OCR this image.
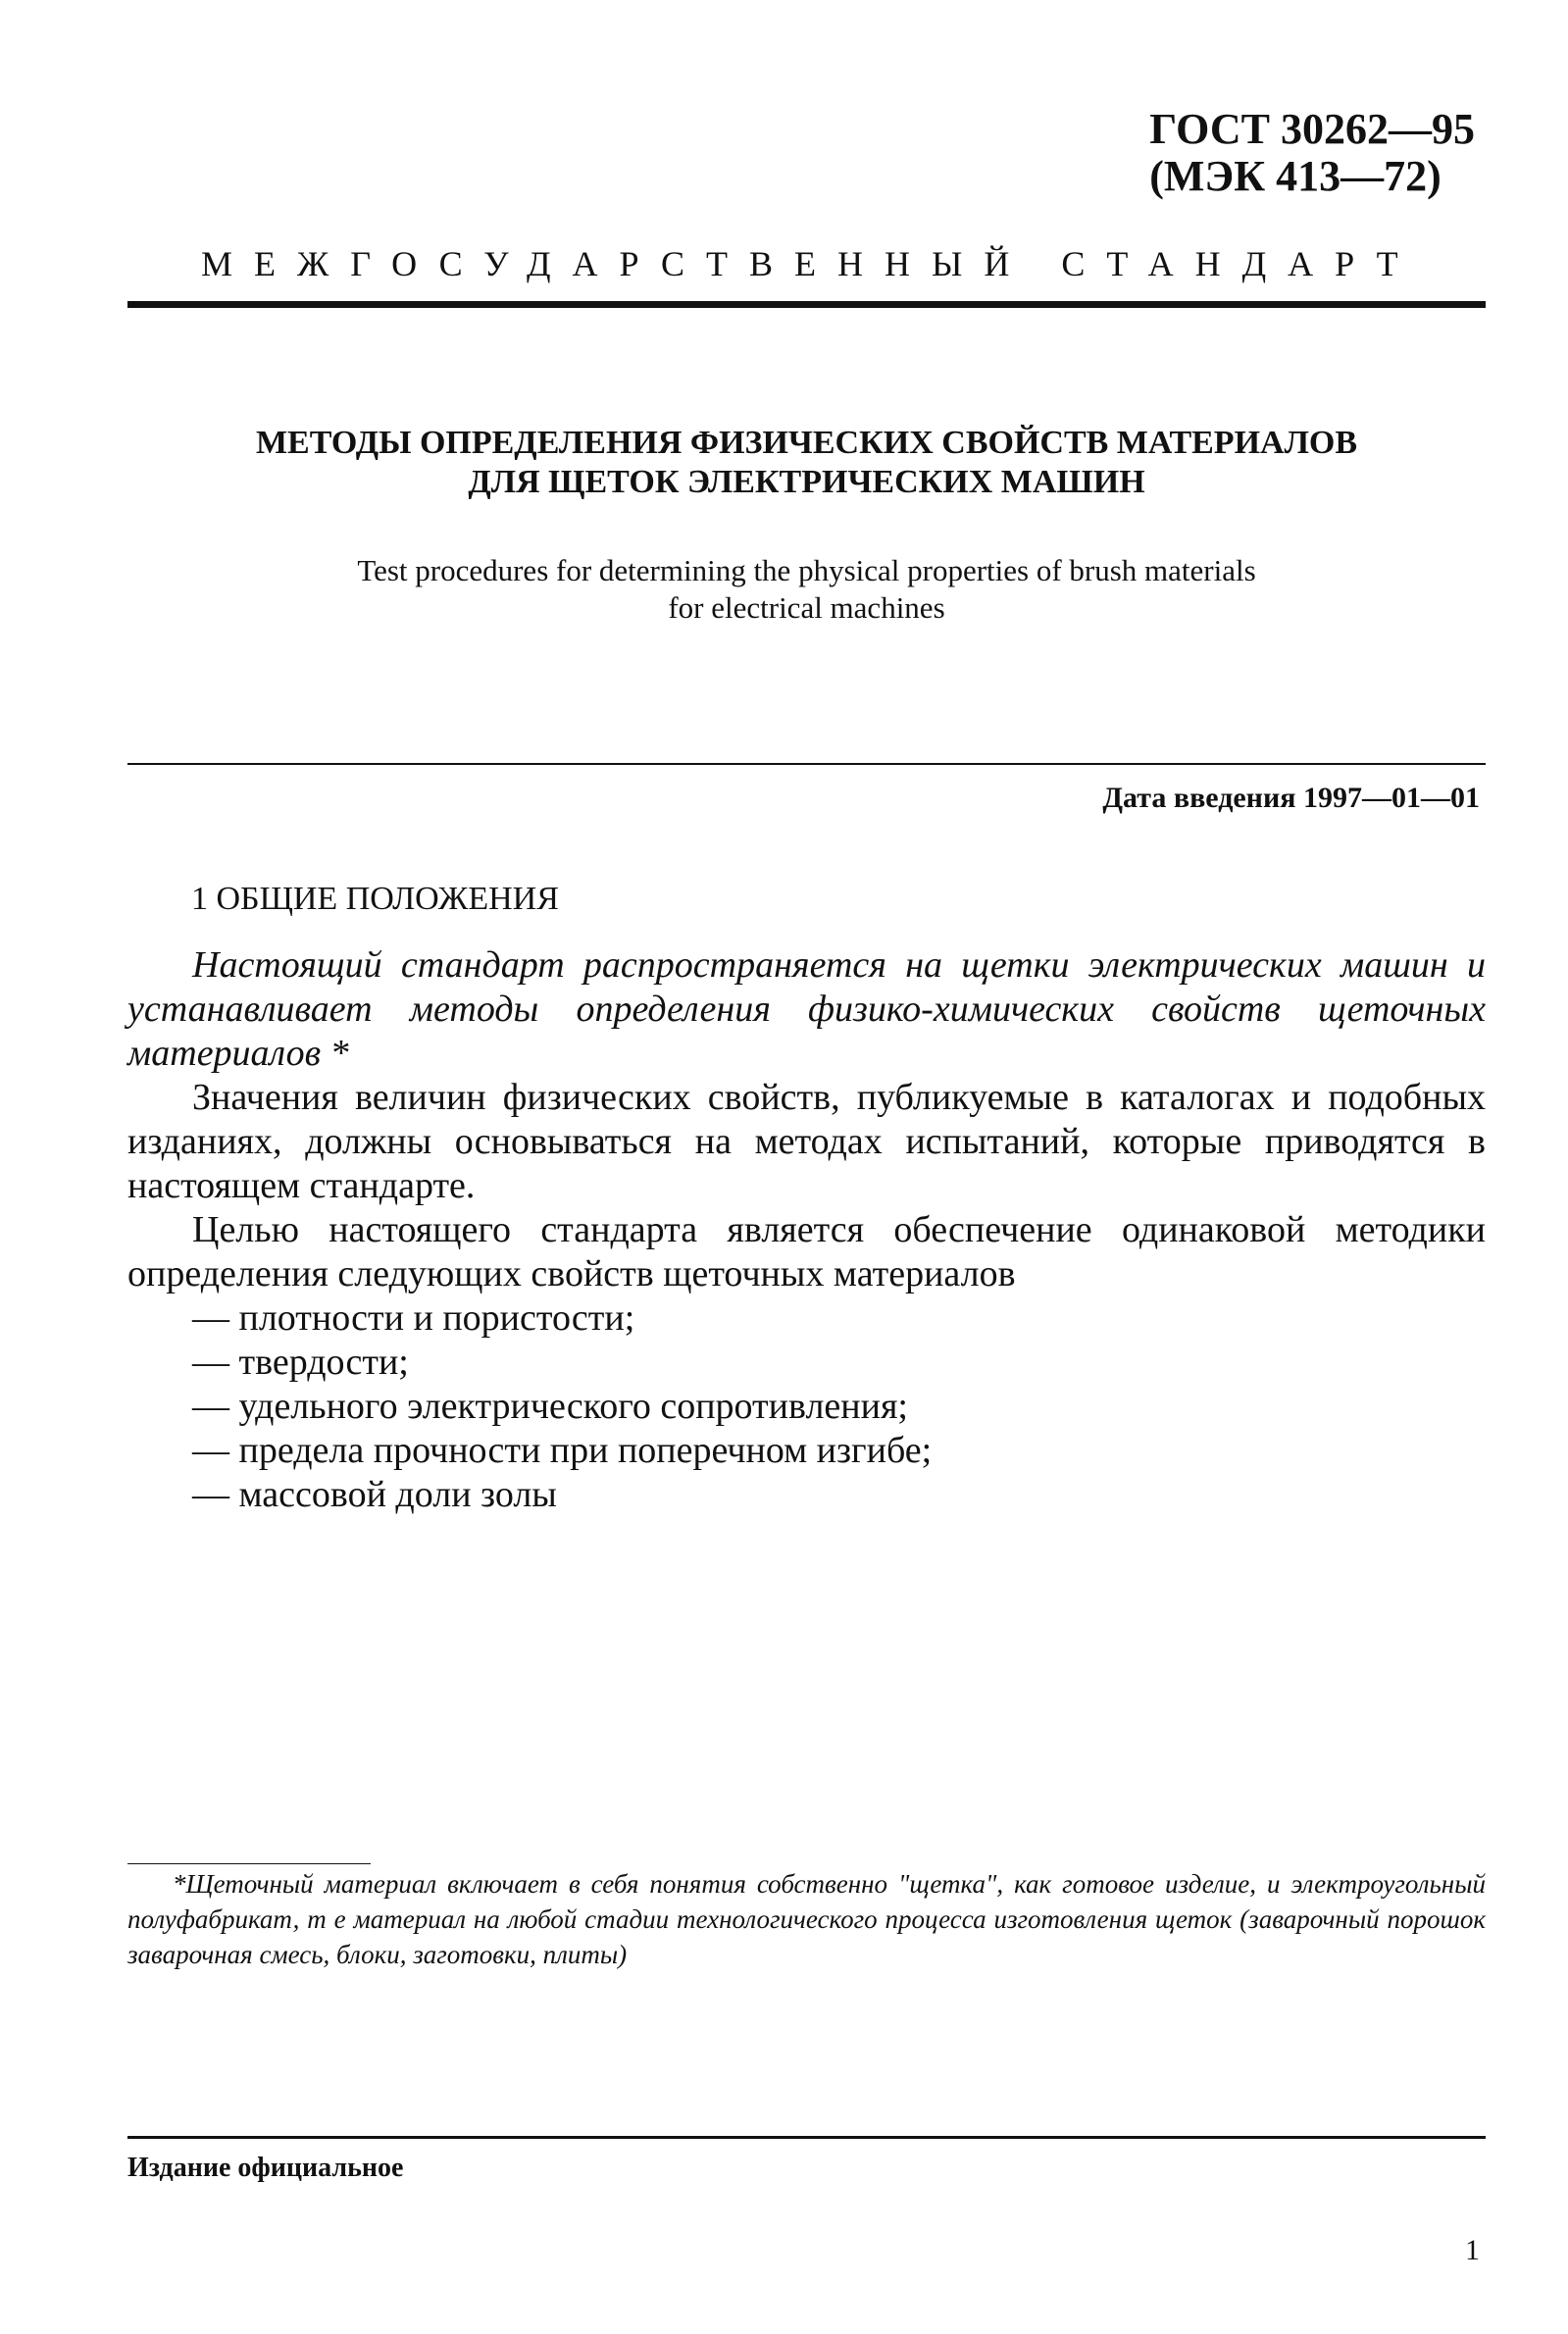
ГОСТ 30262—95
(МЭК 413—72)
МЕЖГОСУДАРСТВЕННЫЙ СТАНДАРТ
МЕТОДЫ ОПРЕДЕЛЕНИЯ ФИЗИЧЕСКИХ СВОЙСТВ МАТЕРИАЛОВ
ДЛЯ ЩЕТОК ЭЛЕКТРИЧЕСКИХ МАШИН
Test procedures for determining the physical properties of brush materials
for electrical machines
Дата введения 1997—01—01
1 ОБЩИЕ ПОЛОЖЕНИЯ

Настоящий стандарт распространяется на щетки электрических машин и устанавливает методы определения физико-химических свойств щеточных материалов *

Значения величин физических свойств, публикуемые в каталогах и подобных изданиях, должны основываться на методах испытаний, которые приводятся в настоящем стандарте.

Целью настоящего стандарта является обеспечение одинаковой методики определения следующих свойств щеточных материалов

— плотности и пористости;
— твердости;
— удельного электрического сопротивления;
— предела прочности при поперечном изгибе;
— массовой доли золы

*Щеточный материал включает в себя понятия собственно "щетка", как готовое изделие, и электроугольный полуфабрикат, т е материал на любой стадии технологического процесса изготовления щеток (заварочный порошок заварочная смесь, блоки, заготовки, плиты)

Издание официальное
1
